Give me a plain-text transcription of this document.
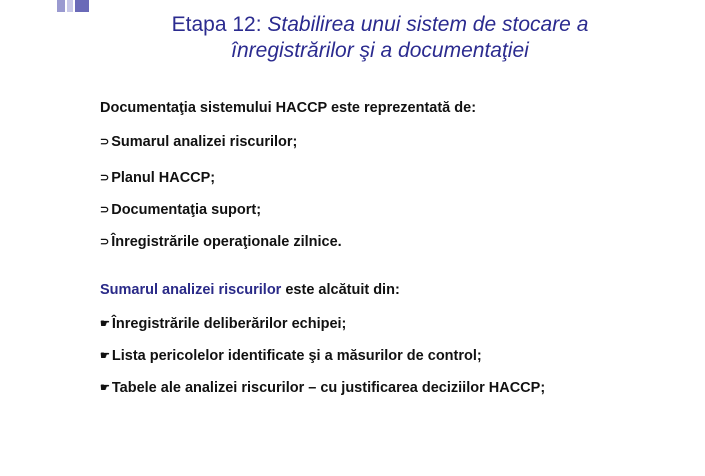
Etapa 12: Stabilirea unui sistem de stocare a
înregistrărilor şi a documentaţiei
Documentaţia sistemului HACCP este reprezentată de:
⊃ Sumarul analizei riscurilor;
⊃ Planul HACCP;
⊃ Documentaţia suport;
⊃ Înregistrările operaţionale zilnice.
Sumarul analizei riscurilor este alcătuit din:
☛ Înregistrările deliberărilor echipei;
☛ Lista pericolelor identificate şi a măsurilor de control;
☛ Tabele ale analizei riscurilor – cu justificarea deciziilor HACCP;
